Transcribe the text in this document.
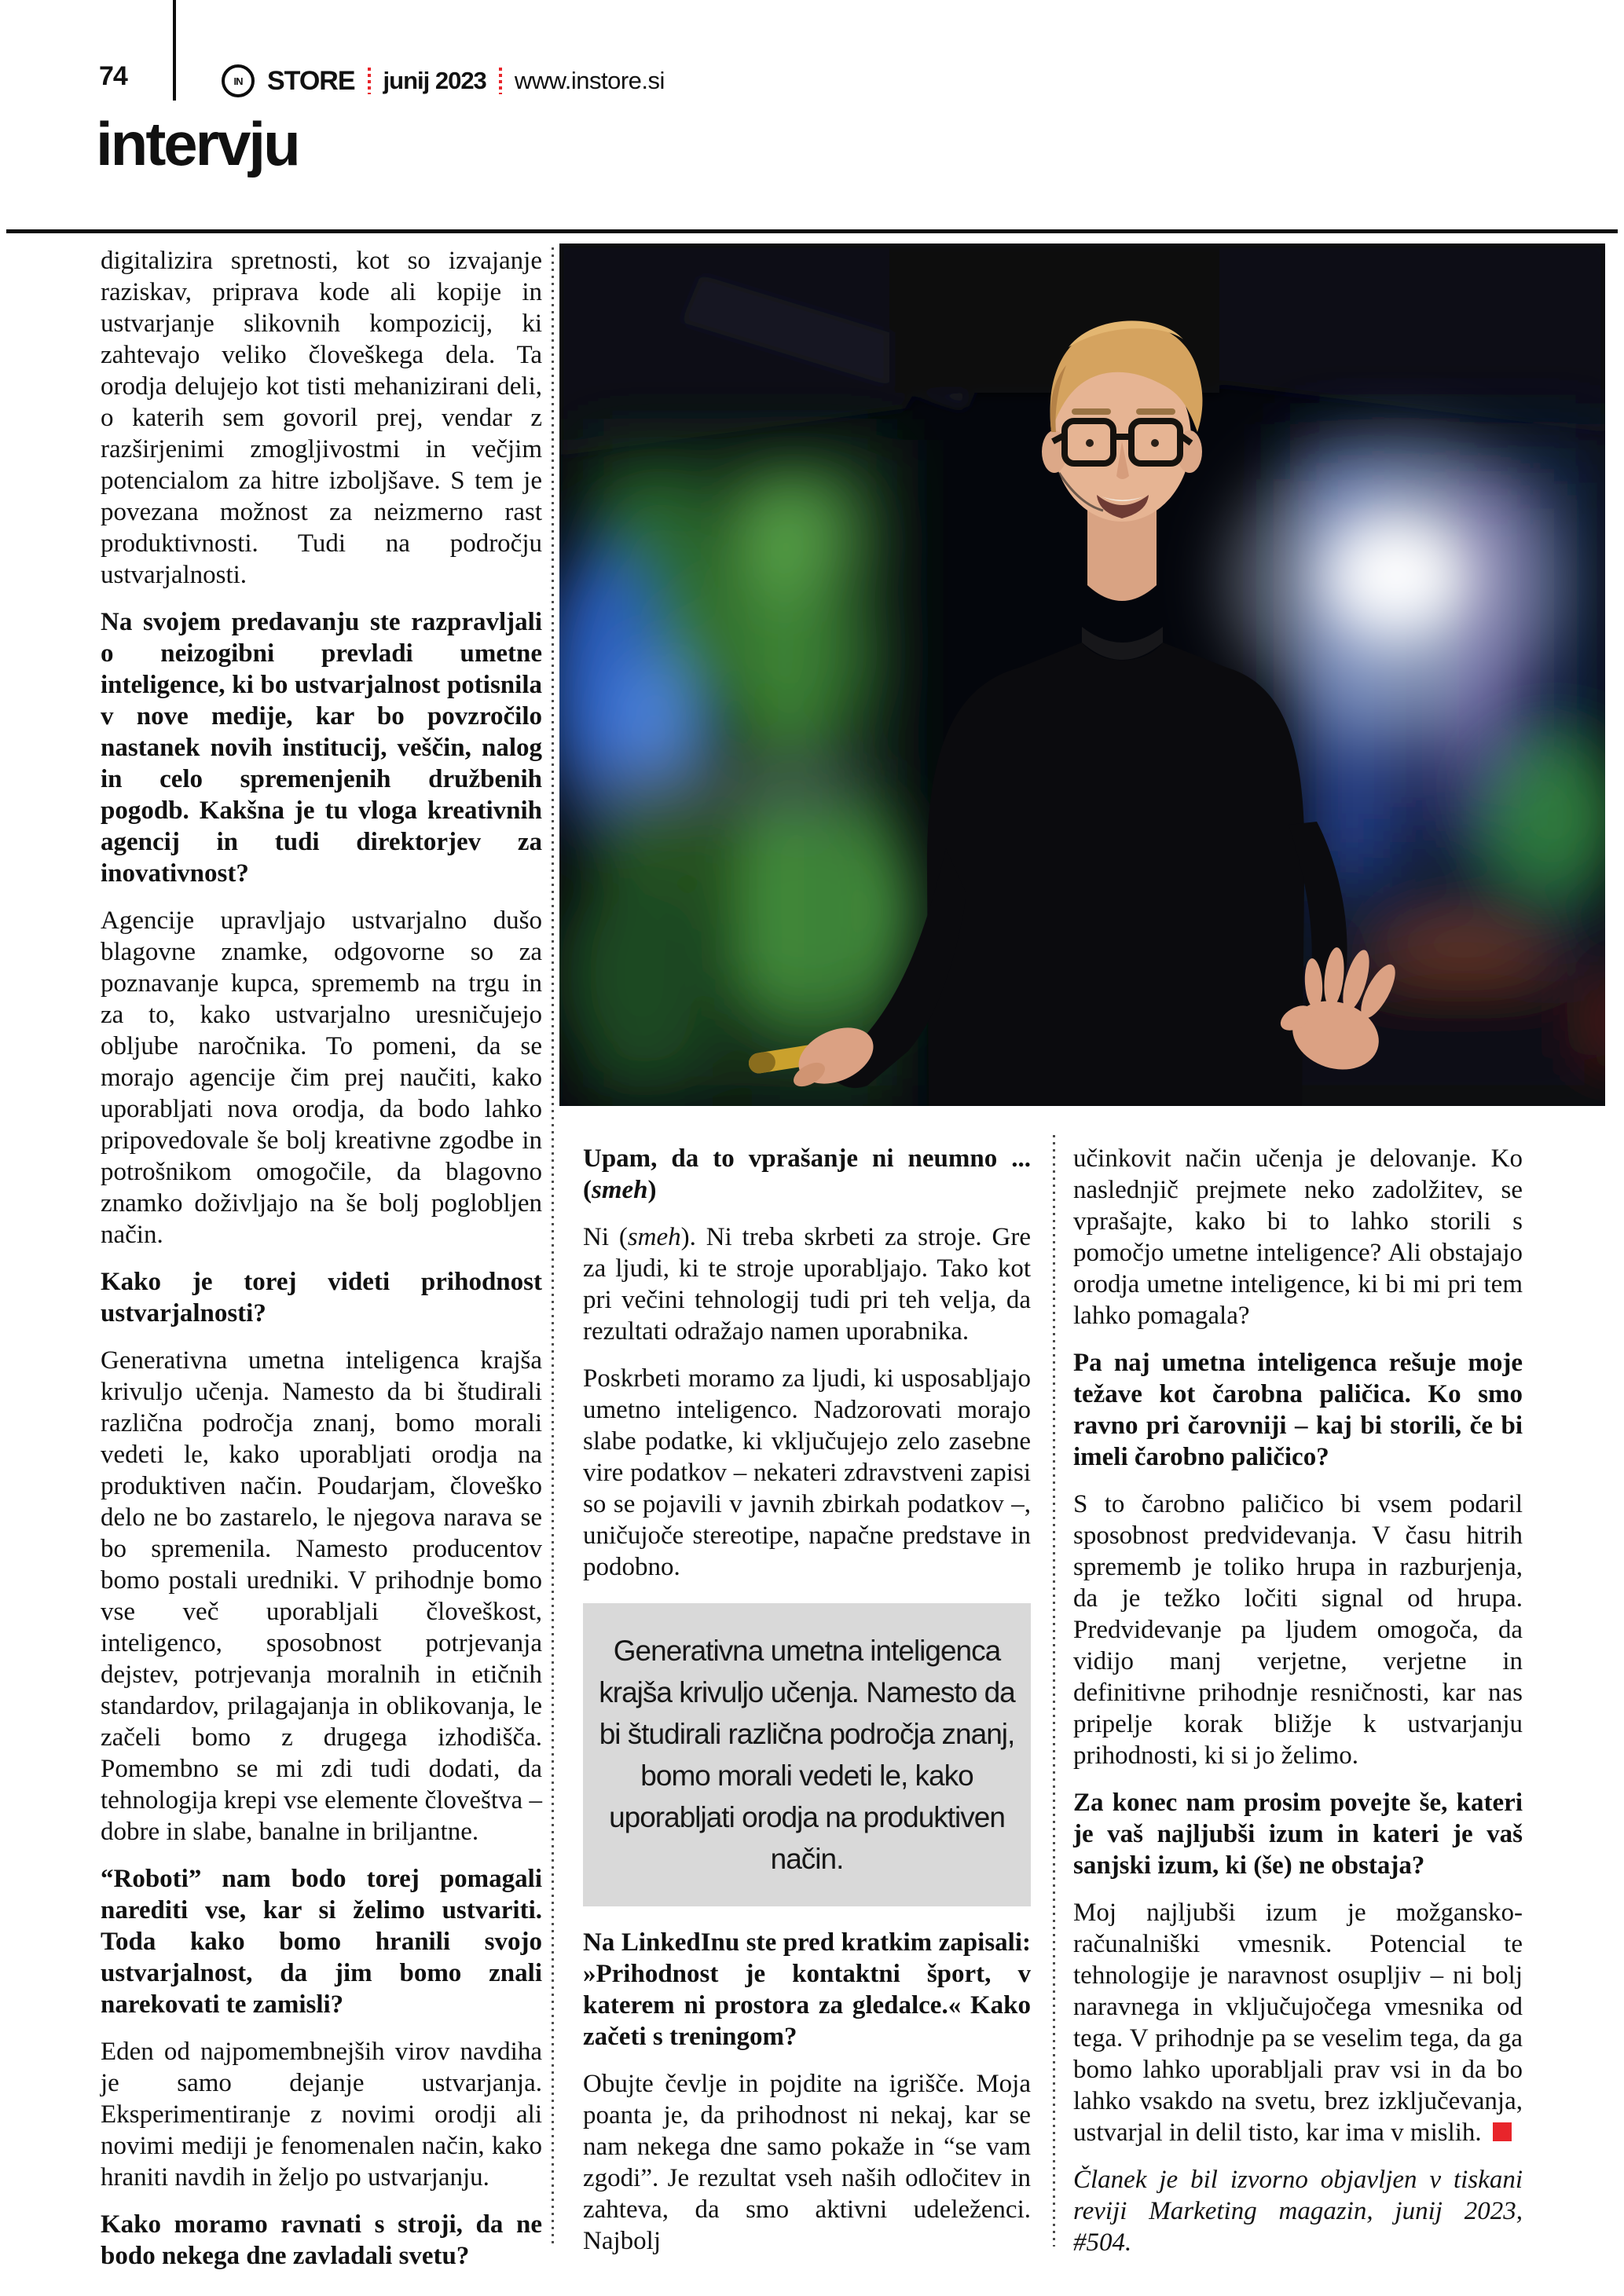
74	IN STORE junij 2023 www.instore.si
intervju

digitalizira spretnosti, kot so izvajanje raziskav, priprava kode ali kopije in ustvarjanje slikovnih kompozicij, ki zahtevajo veliko človeškega dela. Ta orodja delujejo kot tisti mehanizirani deli, o katerih sem govoril prej, vendar z razširjenimi zmogljivostmi in večjim potencialom za hitre izboljšave. S tem je povezana možnost za neizmerno rast produktivnosti. Tudi na področju ustvarjalnosti.

Na svojem predavanju ste razpravljali o neizogibni prevladi umetne inteligence, ki bo ustvarjalnost potisnila v nove medije, kar bo povzročilo nastanek novih institucij, veščin, nalog in celo spremenjenih družbenih pogodb. Kakšna je tu vloga kreativnih agencij in tudi direktorjev za inovativnost?

Agencije upravljajo ustvarjalno dušo blagovne znamke, odgovorne so za poznavanje kupca, sprememb na trgu in za to, kako ustvarjalno uresničujejo obljube naročnika. To pomeni, da se morajo agencije čim prej naučiti, kako uporabljati nova orodja, da bodo lahko pripovedovale še bolj kreativne zgodbe in potrošnikom omogočile, da blagovno znamko doživljajo na še bolj poglobljen način.

Kako je torej videti prihodnost ustvarjalnosti?

Generativna umetna inteligenca krajša krivuljo učenja. Namesto da bi študirali različna področja znanj, bomo morali vedeti le, kako uporabljati orodja na produktiven način. Poudarjam, človeško delo ne bo zastarelo, le njegova narava se bo spremenila. Namesto producentov bomo postali uredniki. V prihodnje bomo vse več uporabljali človeškost, inteligenco, sposobnost potrjevanja dejstev, potrjevanja moralnih in etičnih standardov, prilagajanja in oblikovanja, le začeli bomo z drugega izhodišča. Pomembno se mi zdi tudi dodati, da tehnologija krepi vse elemente človeštva – dobre in slabe, banalne in briljantne.

“Roboti” nam bodo torej pomagali narediti vse, kar si želimo ustvariti. Toda kako bomo hranili svojo ustvarjalnost, da jim bomo znali narekovati te zamisli?

Eden od najpomembnejših virov navdiha je samo dejanje ustvarjanja. Eksperimentiranje z novimi orodji ali novimi mediji je fenomenalen način, kako hraniti navdih in željo po ustvarjanju.

Kako moramo ravnati s stroji, da ne bodo nekega dne zavladali svetu?

Upam, da to vprašanje ni neumno ... (smeh)

Ni (smeh). Ni treba skrbeti za stroje. Gre za ljudi, ki te stroje uporabljajo. Tako kot pri večini tehnologij tudi pri teh velja, da rezultati odražajo namen uporabnika.

Poskrbeti moramo za ljudi, ki usposabljajo umetno inteligenco. Nadzorovati morajo slabe podatke, ki vključujejo zelo zasebne vire podatkov – nekateri zdravstveni zapisi so se pojavili v javnih zbirkah podatkov –, uničujoče stereotipe, napačne predstave in podobno.

Generativna umetna inteligenca krajša krivuljo učenja. Namesto da bi študirali različna področja znanj, bomo morali vedeti le, kako uporabljati orodja na produktiven način.

Na LinkedInu ste pred kratkim zapisali: »Prihodnost je kontaktni šport, v katerem ni prostora za gledalce.« Kako začeti s treningom?

Obujte čevlje in pojdite na igrišče. Moja poanta je, da prihodnost ni nekaj, kar se nam nekega dne samo pokaže in “se vam zgodi”. Je rezultat vseh naših odločitev in zahteva, da smo aktivni udeleženci. Najbolj

učinkovit način učenja je delovanje. Ko naslednjič prejmete neko zadolžitev, se vprašajte, kako bi to lahko storili s pomočjo umetne inteligence? Ali obstajajo orodja umetne inteligence, ki bi mi pri tem lahko pomagala?

Pa naj umetna inteligenca rešuje moje težave kot čarobna paličica. Ko smo ravno pri čarovniji – kaj bi storili, če bi imeli čarobno paličico?

S to čarobno paličico bi vsem podaril sposobnost predvidevanja. V času hitrih sprememb je toliko hrupa in razburjenja, da je težko ločiti signal od hrupa. Predvidevanje pa ljudem omogoča, da vidijo manj verjetne, verjetne in definitivne prihodnje resničnosti, kar nas pripelje korak bližje k ustvarjanju prihodnosti, ki si jo želimo.

Za konec nam prosim povejte še, kateri je vaš najljubši izum in kateri je vaš sanjski izum, ki (še) ne obstaja?

Moj najljubši izum je možgansko-računalniški vmesnik. Potencial te tehnologije je naravnost osupljiv – ni bolj naravnega in vključujočega vmesnika od tega. V prihodnje pa se veselim tega, da ga bomo lahko uporabljali prav vsi in da bo lahko vsakdo na svetu, brez izključevanja, ustvarjal in delil tisto, kar ima v mislih.

Članek je bil izvorno objavljen v tiskani reviji Marketing magazin, junij 2023, #504.
